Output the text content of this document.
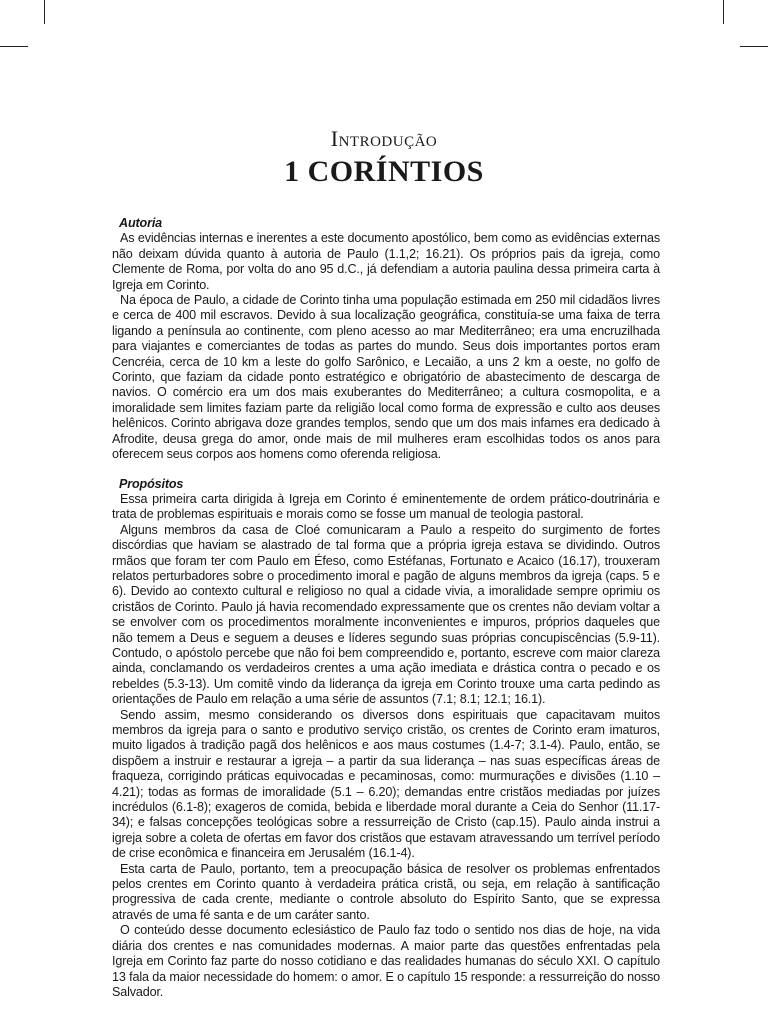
Introdução
1 CORÍNTIOS
Autoria

As evidências internas e inerentes a este documento apostólico, bem como as evidências externas não deixam dúvida quanto à autoria de Paulo (1.1,2; 16.21). Os próprios pais da igreja, como Clemente de Roma, por volta do ano 95 d.C., já defendiam a autoria paulina dessa primeira carta à Igreja em Corinto.

Na época de Paulo, a cidade de Corinto tinha uma população estimada em 250 mil cidadãos livres e cerca de 400 mil escravos. Devido à sua localização geográfica, constituía-se uma faixa de terra ligando a península ao continente, com pleno acesso ao mar Mediterrâneo; era uma encruzilhada para viajantes e comerciantes de todas as partes do mundo. Seus dois importantes portos eram Cencréia, cerca de 10 km a leste do golfo Sarônico, e Lecaião, a uns 2 km a oeste, no golfo de Corinto, que faziam da cidade ponto estratégico e obrigatório de abastecimento de descarga de navios. O comércio era um dos mais exuberantes do Mediterrâneo; a cultura cosmopolita, e a imoralidade sem limites faziam parte da religião local como forma de expressão e culto aos deuses helênicos. Corinto abrigava doze grandes templos, sendo que um dos mais infames era dedicado à Afrodite, deusa grega do amor, onde mais de mil mulheres eram escolhidas todos os anos para oferecem seus corpos aos homens como oferenda religiosa.

Propósitos

Essa primeira carta dirigida à Igreja em Corinto é eminentemente de ordem prático-doutrinária e trata de problemas espirituais e morais como se fosse um manual de teologia pastoral.

Alguns membros da casa de Cloé comunicaram a Paulo a respeito do surgimento de fortes discórdias que haviam se alastrado de tal forma que a própria igreja estava se dividindo. Outros rmãos que foram ter com Paulo em Éfeso, como Estéfanas, Fortunato e Acaico (16.17), trouxeram relatos perturbadores sobre o procedimento imoral e pagão de alguns membros da igreja (caps. 5 e 6). Devido ao contexto cultural e religioso no qual a cidade vivia, a imoralidade sempre oprimiu os cristãos de Corinto. Paulo já havia recomendado expressamente que os crentes não deviam voltar a se envolver com os procedimentos moralmente inconvenientes e impuros, próprios daqueles que não temem a Deus e seguem a deuses e líderes segundo suas próprias concupiscências (5.9-11). Contudo, o apóstolo percebe que não foi bem compreendido e, portanto, escreve com maior clareza ainda, conclamando os verdadeiros crentes a uma ação imediata e drástica contra o pecado e os rebeldes (5.3-13). Um comitê vindo da liderança da igreja em Corinto trouxe uma carta pedindo as orientações de Paulo em relação a uma série de assuntos (7.1; 8.1; 12.1; 16.1).

Sendo assim, mesmo considerando os diversos dons espirituais que capacitavam muitos membros da igreja para o santo e produtivo serviço cristão, os crentes de Corinto eram imaturos, muito ligados à tradição pagã dos helênicos e aos maus costumes (1.4-7; 3.1-4). Paulo, então, se dispõem a instruir e restaurar a igreja – a partir da sua liderança – nas suas específicas áreas de fraqueza, corrigindo práticas equivocadas e pecaminosas, como: murmurações e divisões (1.10 – 4.21); todas as formas de imoralidade (5.1 – 6.20); demandas entre cristãos mediadas por juízes incrédulos (6.1-8); exageros de comida, bebida e liberdade moral durante a Ceia do Senhor (11.17-34); e falsas concepções teológicas sobre a ressurreição de Cristo (cap.15). Paulo ainda instrui a igreja sobre a coleta de ofertas em favor dos cristãos que estavam atravessando um terrível período de crise econômica e financeira em Jerusalém (16.1-4).

Esta carta de Paulo, portanto, tem a preocupação básica de resolver os problemas enfrentados pelos crentes em Corinto quanto à verdadeira prática cristã, ou seja, em relação à santificação progressiva de cada crente, mediante o controle absoluto do Espírito Santo, que se expressa através de uma fé santa e de um caráter santo.

O conteúdo desse documento eclesiástico de Paulo faz todo o sentido nos dias de hoje, na vida diária dos crentes e nas comunidades modernas. A maior parte das questões enfrentadas pela Igreja em Corinto faz parte do nosso cotidiano e das realidades humanas do século XXI. O capítulo 13 fala da maior necessidade do homem: o amor. E o capítulo 15 responde: a ressurreição do nosso Salvador.
